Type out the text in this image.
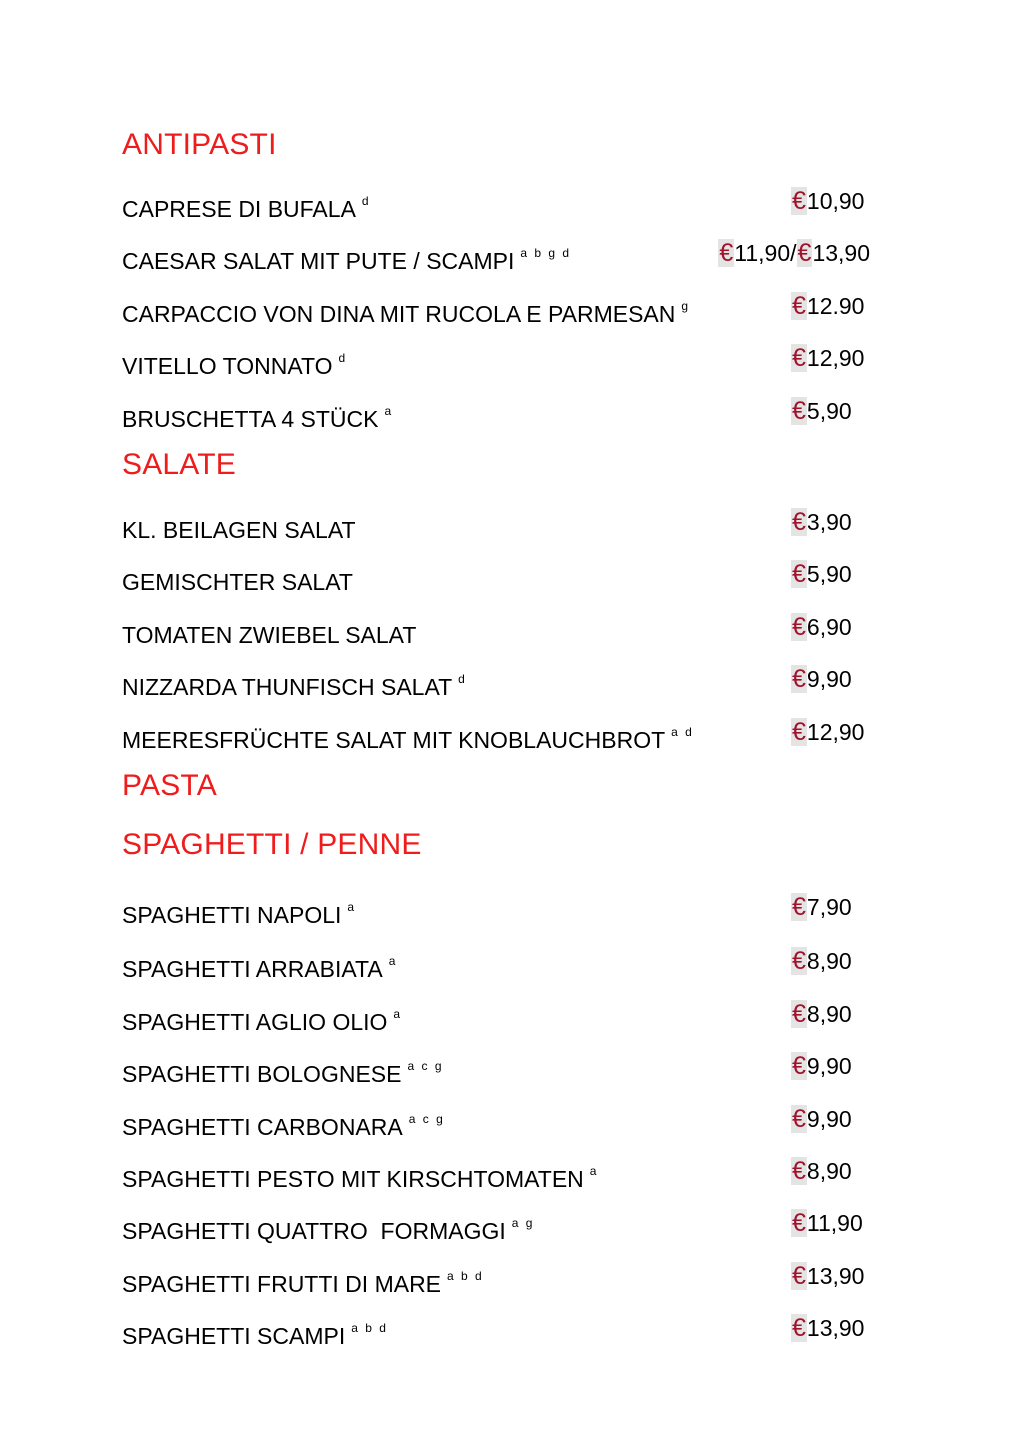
ANTIPASTI
CAPRESE DI BUFALA $^d$	€10,90
CAESAR SALAT MIT PUTE / SCAMPI $^{a b g d}$	€11,90/€13,90
CARPACCIO VON DINA MIT RUCOLA E PARMESAN $^g$	€12.90
VITELLO TONNATO $^d$	€12,90
BRUSCHETTA 4 STÜCK $^a$	€5,90
SALATE
KL. BEILAGEN SALAT	€3,90
GEMISCHTER SALAT	€5,90
TOMATEN ZWIEBEL SALAT	€6,90
NIZZARDA THUNFISCH SALAT $^d$	€9,90
MEERESFRÜCHTE SALAT MIT KNOBLAUCHBROT $^{a d}$	€12,90
PASTA
SPAGHETTI / PENNE
SPAGHETTI NAPOLI $^a$	€7,90
SPAGHETTI ARRABIATA $^a$	€8,90
SPAGHETTI AGLIO OLIO $^a$	€8,90
SPAGHETTI BOLOGNESE $^{a c g}$	€9,90
SPAGHETTI CARBONARA $^{a c g}$	€9,90
SPAGHETTI PESTO MIT KIRSCHTOMATEN $^a$	€8,90
SPAGHETTI QUATTRO  FORMAGGI $^{a g}$	€11,90
SPAGHETTI FRUTTI DI MARE $^{a b d}$	€13,90
SPAGHETTI SCAMPI $^{a b d}$	€13,90
